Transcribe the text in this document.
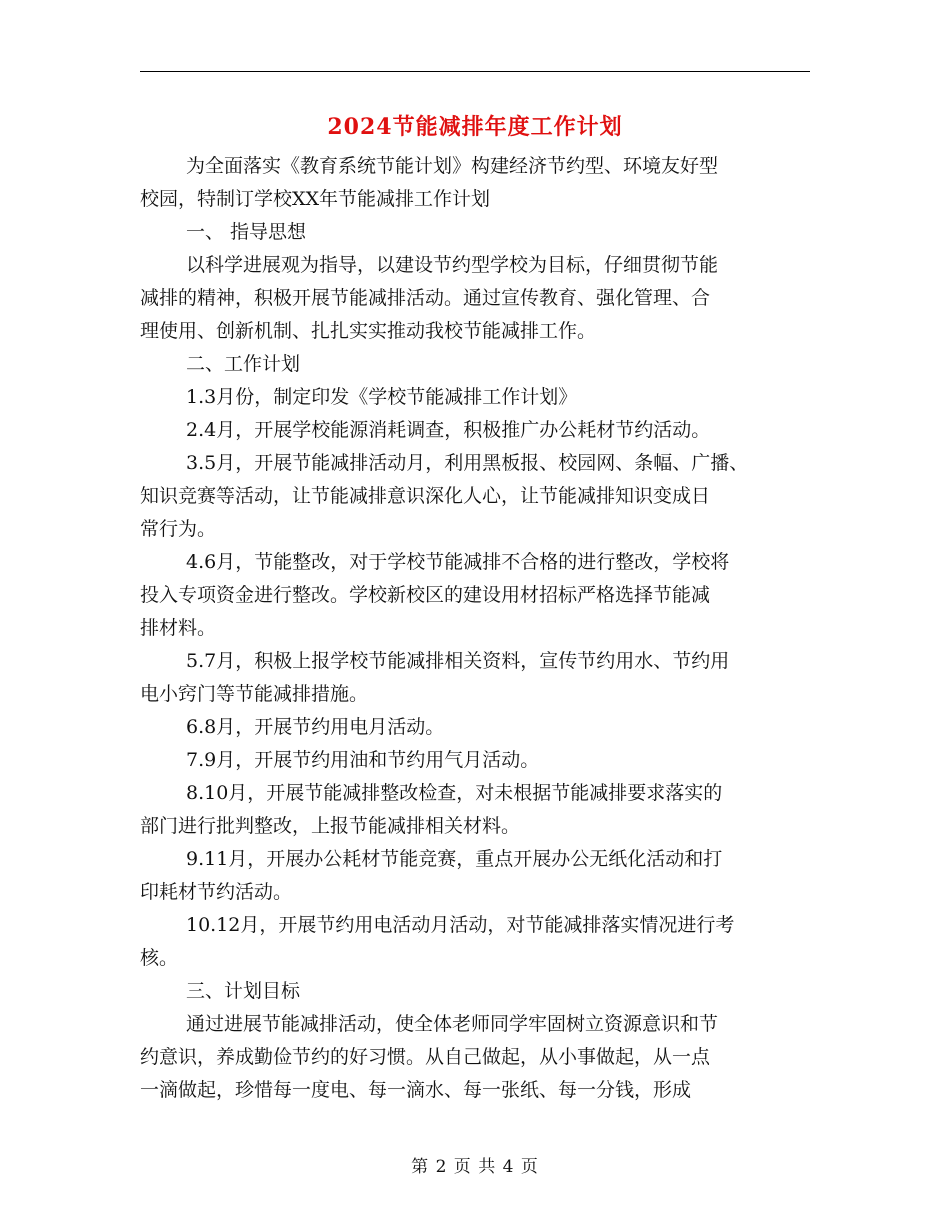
2024节能减排年度工作计划

为全面落实《教育系统节能计划》构建经济节约型、环境友好型
校园，特制订学校XX年节能减排工作计划

一、 指导思想

以科学进展观为指导，以建设节约型学校为目标，仔细贯彻节能
减排的精神，积极开展节能减排活动。通过宣传教育、强化管理、合
理使用、创新机制、扎扎实实推动我校节能减排工作。

二、工作计划

1.3月份，制定印发《学校节能减排工作计划》

2.4月，开展学校能源消耗调查，积极推广办公耗材节约活动。

3.5月，开展节能减排活动月，利用黑板报、校园网、条幅、广播、
知识竞赛等活动，让节能减排意识深化人心，让节能减排知识变成日
常行为。

4.6月，节能整改，对于学校节能减排不合格的进行整改，学校将
投入专项资金进行整改。学校新校区的建设用材招标严格选择节能减
排材料。

5.7月，积极上报学校节能减排相关资料，宣传节约用水、节约用
电小窍门等节能减排措施。

6.8月，开展节约用电月活动。

7.9月，开展节约用油和节约用气月活动。

8.10月，开展节能减排整改检查，对未根据节能减排要求落实的
部门进行批判整改，上报节能减排相关材料。

9.11月，开展办公耗材节能竞赛，重点开展办公无纸化活动和打
印耗材节约活动。

10.12月，开展节约用电活动月活动，对节能减排落实情况进行考
核。

三、计划目标

通过进展节能减排活动，使全体老师同学牢固树立资源意识和节
约意识，养成勤俭节约的好习惯。从自己做起，从小事做起，从一点
一滴做起，珍惜每一度电、每一滴水、每一张纸、每一分钱，形成

第 2 页 共 4 页
